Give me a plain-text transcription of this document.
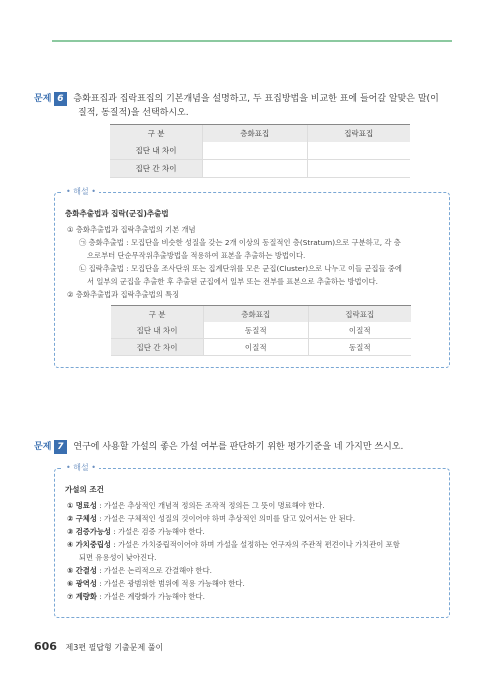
문제 6 층화표집과 집락표집의 기본개념을 설명하고, 두 표집방법을 비교한 표에 들어갈 알맞은 말(이
질적, 동질적)을 선택하시오.
구 분	층화표집	집락표집
집단 내 차이		
집단 간 차이		
• 해설 •
층화추출법과 집락(군집)추출법
① 층화추출법과 집락추출법의 기본 개념
㉠ 층화추출법 : 모집단을 비슷한 성질을 갖는 2개 이상의 동질적인 층(Stratum)으로 구분하고, 각 층
으로부터 단순무작위추출방법을 적용하여 표본을 추출하는 방법이다.
㉡ 집락추출법 : 모집단을 조사단위 또는 집계단위를 모은 군집(Cluster)으로 나누고 이들 군집들 중에
서 일부의 군집을 추출한 후 추출된 군집에서 일부 또는 전부를 표본으로 추출하는 방법이다.
② 층화추출법과 집락추출법의 특징
구 분	층화표집	집락표집
집단 내 차이	동질적	이질적
집단 간 차이	이질적	동질적
문제 7 연구에 사용할 가설의 좋은 가설 여부를 판단하기 위한 평가기준을 네 가지만 쓰시오.
• 해설 •
가설의 조건
① 명료성 : 가설은 추상적인 개념적 정의든 조작적 정의든 그 뜻이 명료해야 한다.
② 구체성 : 가설은 구체적인 성질의 것이어야 하며 추상적인 의미를 담고 있어서는 안 된다.
③ 검증가능성 : 가설은 검증 가능해야 한다.
④ 가치중립성 : 가설은 가치중립적이어야 하며 가설을 설정하는 연구자의 주관적 편견이나 가치관이 포함
되면 유용성이 낮아진다.
⑤ 간결성 : 가설은 논리적으로 간결해야 한다.
⑥ 광역성 : 가설은 광범위한 범위에 적용 가능해야 한다.
⑦ 계량화 : 가설은 계량화가 가능해야 한다.
606 제3편 필답형 기출문제 풀이
